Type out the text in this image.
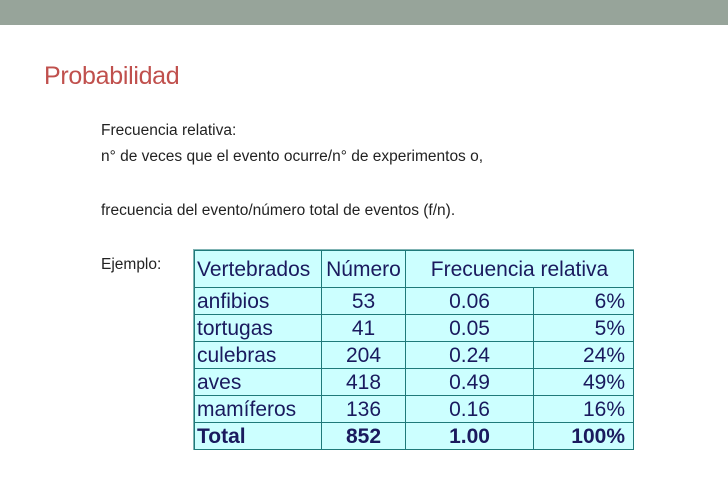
Probabilidad
Frecuencia relativa:
n° de veces que el evento ocurre/n° de experimentos o,
frecuencia del evento/número total de eventos (f/n).
Ejemplo: Vertebrados	Número	Frecuencia relativa	
anfibios	53	0.06	6%
tortugas	41	0.05	5%
culebras	204	0.24	24%
aves	418	0.49	49%
mamíferos	136	0.16	16%
Total	852	1.00	100%
